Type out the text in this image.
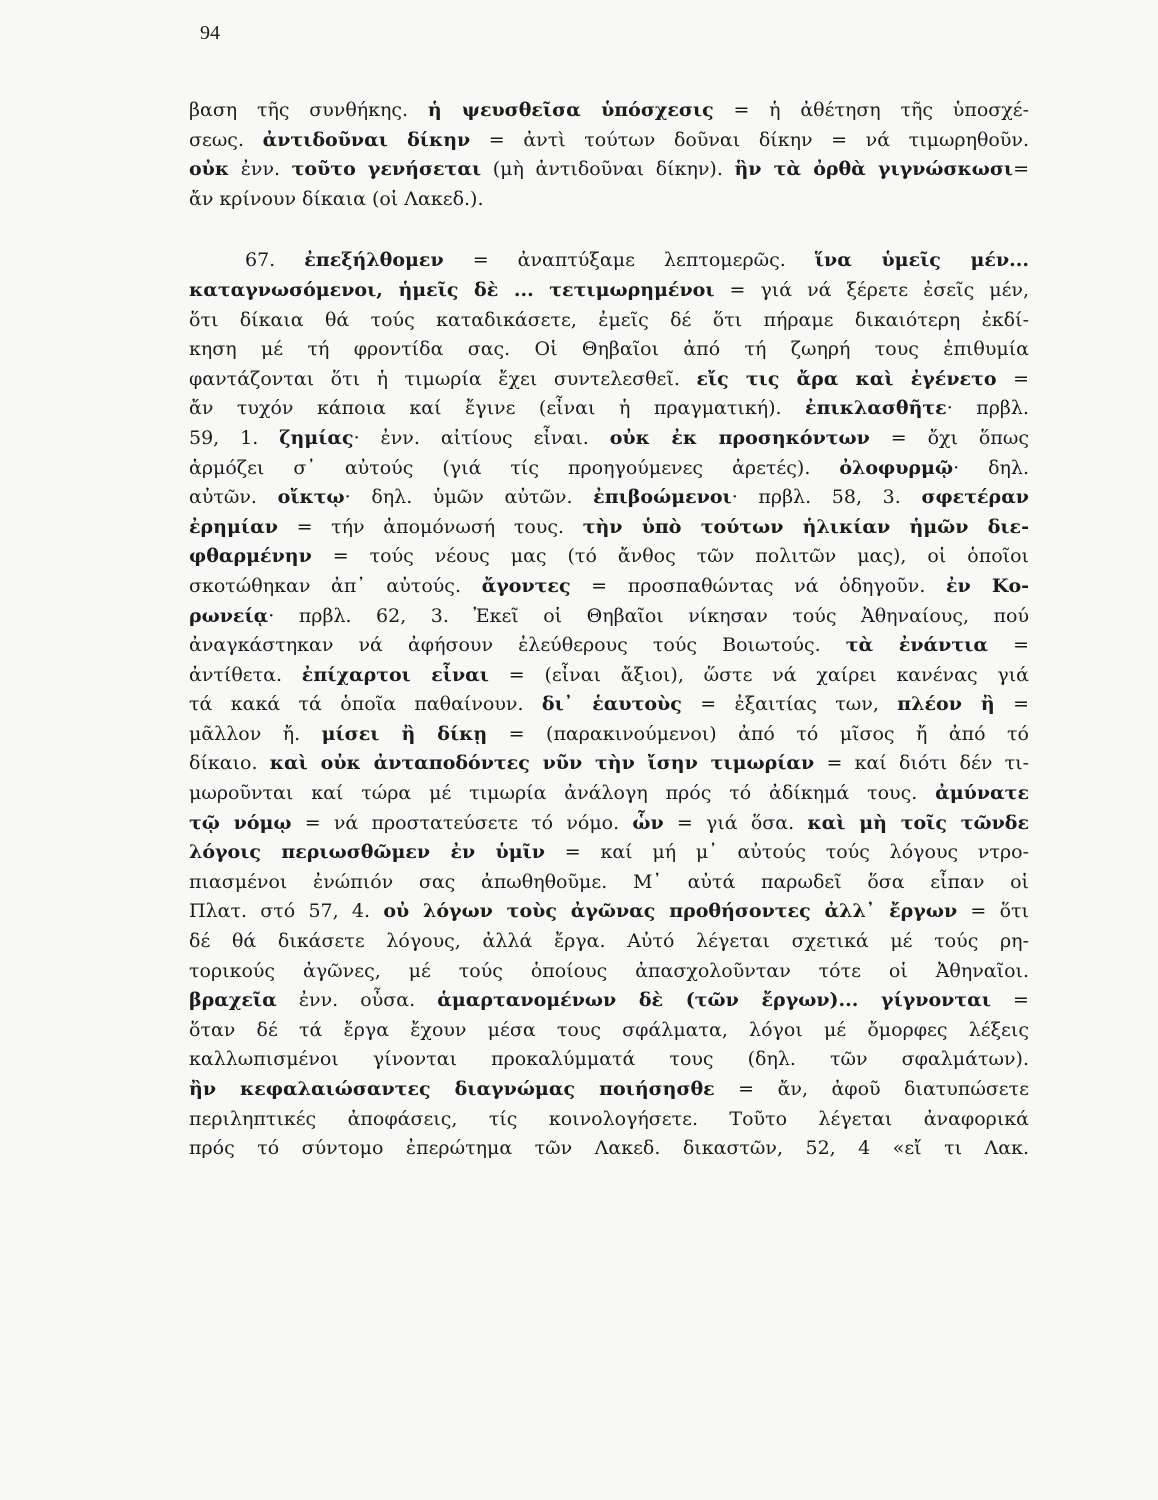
94
βαση τῆς συνθήκης. ἡ ψευσθεῖσα ὑπόσχεσις = ἡ ἀθέτηση τῆς ὑποσχέ-
σεως. ἀντιδοῦναι δίκην = ἀντὶ τούτων δοῦναι δίκην = νά τιμωρηθοῦν.
οὐκ ἐνν. τοῦτο γενήσεται (μὴ ἀντιδοῦναι δίκην). ἣν τὰ ὀρθὰ γιγνώσκωσι=
ἄν κρίνουν δίκαια (οἱ Λακεδ.).
67. ἐπεξήλθομεν = ἀναπτύξαμε λεπτομερῶς. ἵνα ὑμεῖς μέν...
καταγνωσόμενοι, ἡμεῖς δὲ ... τετιμωρημένοι = γιά νά ξέρετε ἐσεῖς μέν,
ὅτι δίκαια θά τούς καταδικάσετε, ἐμεῖς δέ ὅτι πήραμε δικαιότερη ἐκδί-
κηση μέ τή φροντίδα σας. Οἱ Θηβαῖοι ἀπό τή ζωηρή τους ἐπιθυμία
φαντάζονται ὅτι ἡ τιμωρία ἔχει συντελεσθεῖ. εἴς τις ἄρα καὶ ἐγένετο =
ἄν τυχόν κάποια καί ἔγινε (εἶναι ἡ πραγματική). ἐπικλασθῆτε· πρβλ.
59, 1. ζημίας· ἐνν. αἰτίους εἶναι. οὐκ ἐκ προσηκόντων = ὄχι ὅπως
ἁρμόζει σ᾽ αὐτούς (γιά τίς προηγούμενες ἀρετές). ὀλοφυρμῷ· δηλ.
αὐτῶν. οἴκτῳ· δηλ. ὑμῶν αὐτῶν. ἐπιβοώμενοι· πρβλ. 58, 3. σφετέραν
ἐρημίαν = τήν ἀπομόνωσή τους. τὴν ὑπὸ τούτων ἡλικίαν ἡμῶν διε-
φθαρμένην = τούς νέους μας (τό ἄνθος τῶν πολιτῶν μας), οἱ ὁποῖοι
σκοτώθηκαν ἀπ᾽ αὐτούς. ἄγοντες = προσπαθώντας νά ὁδηγοῦν. ἐν Κο-
ρωνείᾳ· πρβλ. 62, 3. Ἐκεῖ οἱ Θηβαῖοι νίκησαν τούς Ἀθηναίους, πού
ἀναγκάστηκαν νά ἀφήσουν ἐλεύθερους τούς Βοιωτούς. τὰ ἐνάντια =
ἀντίθετα. ἐπίχαρτοι εἶναι = (εἶναι ἄξιοι), ὥστε νά χαίρει κανένας γιά
τά κακά τά ὁποῖα παθαίνουν. δι᾽ ἑαυτοὺς = ἐξαιτίας των, πλέον ἢ =
μᾶλλον ἤ. μίσει ἢ δίκῃ = (παρακινούμενοι) ἀπό τό μῖσος ἤ ἀπό τό
δίκαιο. καὶ οὐκ ἀνταποδόντες νῦν τὴν ἴσην τιμωρίαν = καί διότι δέν τι-
μωροῦνται καί τώρα μέ τιμωρία ἀνάλογη πρός τό ἀδίκημά τους. ἀμύνατε
τῷ νόμῳ = νά προστατεύσετε τό νόμο. ὧν = γιά ὅσα. καὶ μὴ τοῖς τῶνδε
λόγοις περιωσθῶμεν ἐν ὑμῖν = καί μή μ᾽ αὐτούς τούς λόγους ντρο-
πιασμένοι ἐνώπιόν σας ἀπωθηθοῦμε. Μ᾽ αὐτά παρωδεῖ ὅσα εἶπαν οἱ
Πλατ. στό 57, 4. οὐ λόγων τοὺς ἀγῶνας προθήσοντες ἀλλ᾽ ἔργων = ὅτι
δέ θά δικάσετε λόγους, ἀλλά ἔργα. Αὐτό λέγεται σχετικά μέ τούς ρη-
τορικούς ἀγῶνες, μέ τούς ὁποίους ἀπασχολοῦνταν τότε οἱ Ἀθηναῖοι.
βραχεῖα ἐνν. οὖσα. ἁμαρτανομένων δὲ (τῶν ἔργων)... γίγνονται =
ὅταν δέ τά ἔργα ἔχουν μέσα τους σφάλματα, λόγοι μέ ὄμορφες λέξεις
καλλωπισμένοι γίνονται προκαλύμματά τους (δηλ. τῶν σφαλμάτων).
ἢν κεφαλαιώσαντες διαγνώμας ποιήσησθε = ἄν, ἀφοῦ διατυπώσετε
περιληπτικές ἀποφάσεις, τίς κοινολογήσετε. Τοῦτο λέγεται ἀναφορικά
πρός τό σύντομο ἐπερώτημα τῶν Λακεδ. δικαστῶν, 52, 4 «εἴ τι Λακ.
